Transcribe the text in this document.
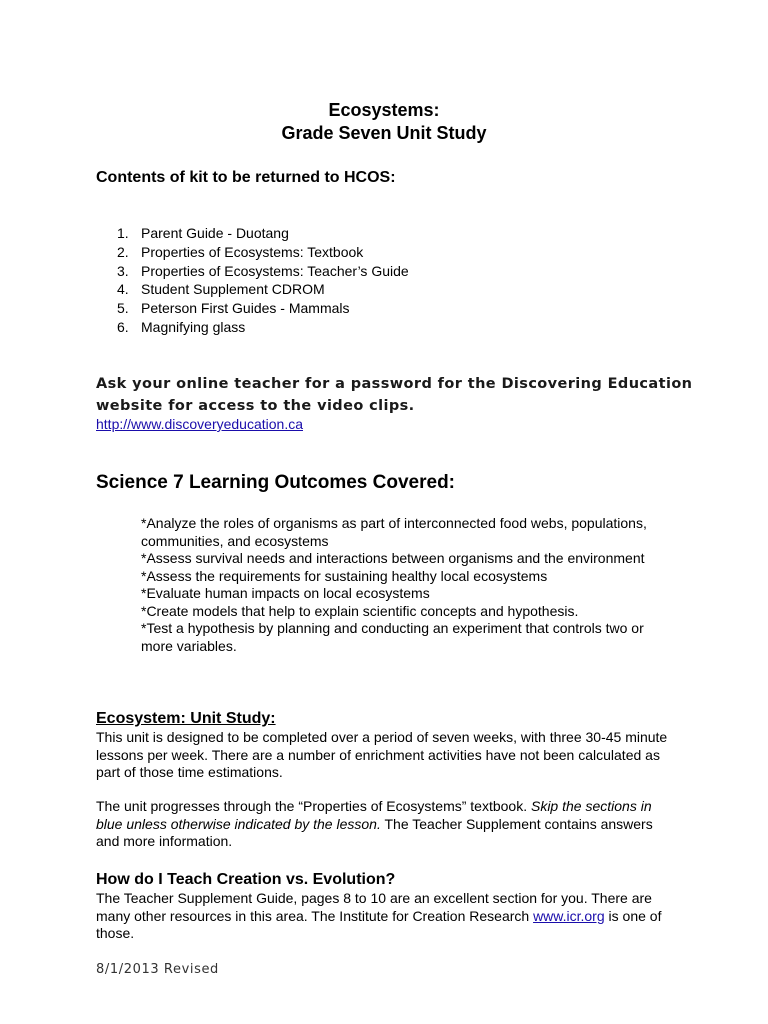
Ecosystems:
Grade Seven Unit Study
Contents of kit to be returned to HCOS:
1. Parent Guide - Duotang
2. Properties of Ecosystems: Textbook
3. Properties of Ecosystems: Teacher’s Guide
4. Student Supplement CDROM
5. Peterson First Guides - Mammals
6. Magnifying glass
Ask your online teacher for a password for the Discovering Education website for access to the video clips.
http://www.discoveryeducation.ca
Science 7 Learning Outcomes Covered:
*Analyze the roles of organisms as part of interconnected food webs, populations, communities, and ecosystems
*Assess survival needs and interactions between organisms and the environment
*Assess the requirements for sustaining healthy local ecosystems
*Evaluate human impacts on local ecosystems
*Create models that help to explain scientific concepts and hypothesis.
*Test a hypothesis by planning and conducting an experiment that controls two or more variables.
Ecosystem: Unit Study:
This unit is designed to be completed over a period of seven weeks, with three 30-45 minute lessons per week. There are a number of enrichment activities have not been calculated as part of those time estimations.
The unit progresses through the “Properties of Ecosystems” textbook. Skip the sections in blue unless otherwise indicated by the lesson. The Teacher Supplement contains answers and more information.
How do I Teach Creation vs. Evolution?
The Teacher Supplement Guide, pages 8 to 10 are an excellent section for you. There are many other resources in this area. The Institute for Creation Research www.icr.org is one of those.
8/1/2013 Revised
